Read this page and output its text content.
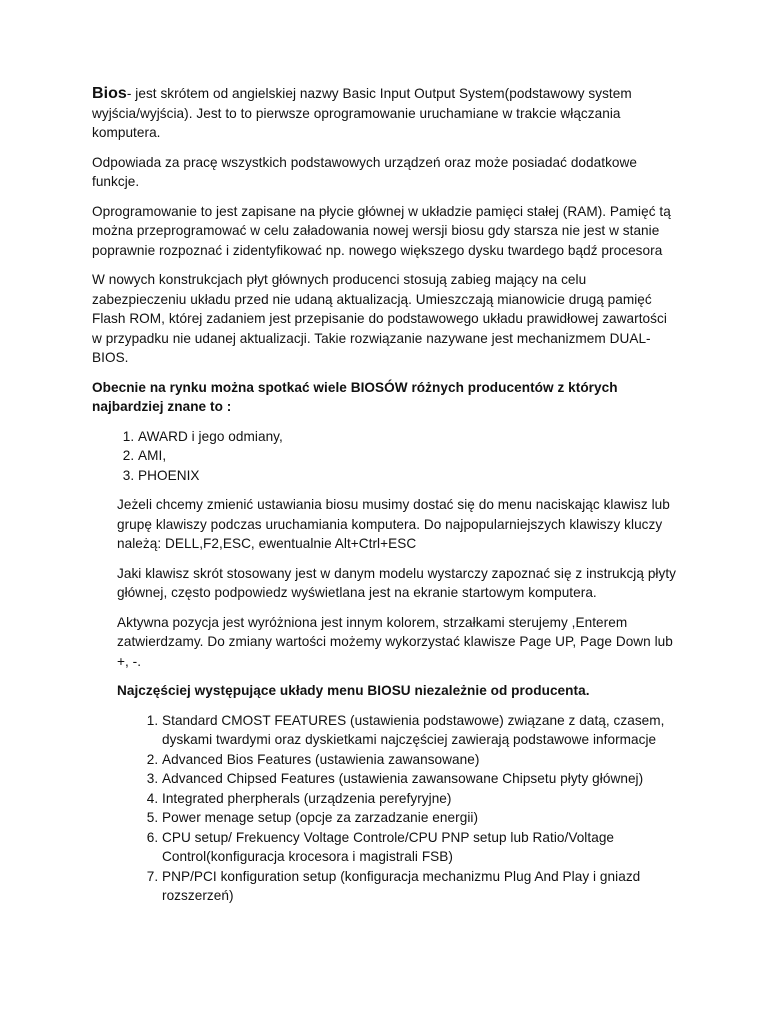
Bios- jest skrótem od angielskiej nazwy Basic Input Output System(podstawowy system wyjścia/wyjścia). Jest to to pierwsze oprogramowanie uruchamiane w trakcie włączania komputera.

Odpowiada za pracę wszystkich podstawowych urządzeń oraz może posiadać dodatkowe funkcje.

Oprogramowanie to jest zapisane na płycie głównej w układzie pamięci stałej (RAM). Pamięć tą można przeprogramować w celu załadowania nowej wersji biosu gdy starsza nie jest w stanie poprawnie rozpoznać i zidentyfikować np. nowego większego dysku twardego bądź procesora

W nowych konstrukcjach płyt głównych producenci stosują zabieg mający na celu zabezpieczeniu układu przed nie udaną aktualizacją. Umieszczają mianowicie drugą pamięć Flash ROM, której zadaniem jest przepisanie do podstawowego układu prawidłowej zawartości w przypadku nie udanej aktualizacji. Takie rozwiązanie nazywane jest mechanizmem DUAL-BIOS.

Obecnie na rynku można spotkać wiele BIOSÓW różnych producentów z których najbardziej znane to :

1. AWARD i jego odmiany,
2. AMI,
3. PHOENIX

Jeżeli chcemy zmienić ustawiania biosu musimy dostać się do menu naciskając klawisz lub grupę klawiszy podczas uruchamiania komputera. Do najpopularniejszych klawiszy kluczy należą: DELL,F2,ESC, ewentualnie Alt+Ctrl+ESC

Jaki klawisz skrót stosowany jest w danym modelu wystarczy zapoznać się z instrukcją płyty głównej, często podpowiedz wyświetlana jest na ekranie startowym komputera.

Aktywna pozycja jest wyróżniona jest innym kolorem, strzałkami sterujemy ,Enterem zatwierdzamy. Do zmiany wartości możemy wykorzystać klawisze Page UP, Page Down lub +, -.

Najczęściej występujące układy menu BIOSU niezależnie od producenta.

1. Standard CMOST FEATURES (ustawienia podstawowe) związane z datą, czasem, dyskami twardymi oraz dyskietkami najczęściej zawierają podstawowe informacje
2. Advanced Bios Features (ustawienia zawansowane)
3. Advanced Chipsed Features (ustawienia zawansowane Chipsetu płyty głównej)
4. Integrated pherpherals (urządzenia perefyryjne)
5. Power menage setup (opcje za zarzadzanie energii)
6. CPU setup/ Frekuency Voltage Controle/CPU PNP setup lub Ratio/Voltage Control(konfiguracja krocesora i magistrali FSB)
7. PNP/PCI konfiguration setup (konfiguracja mechanizmu Plug And Play i gniazd rozszerzeń)
